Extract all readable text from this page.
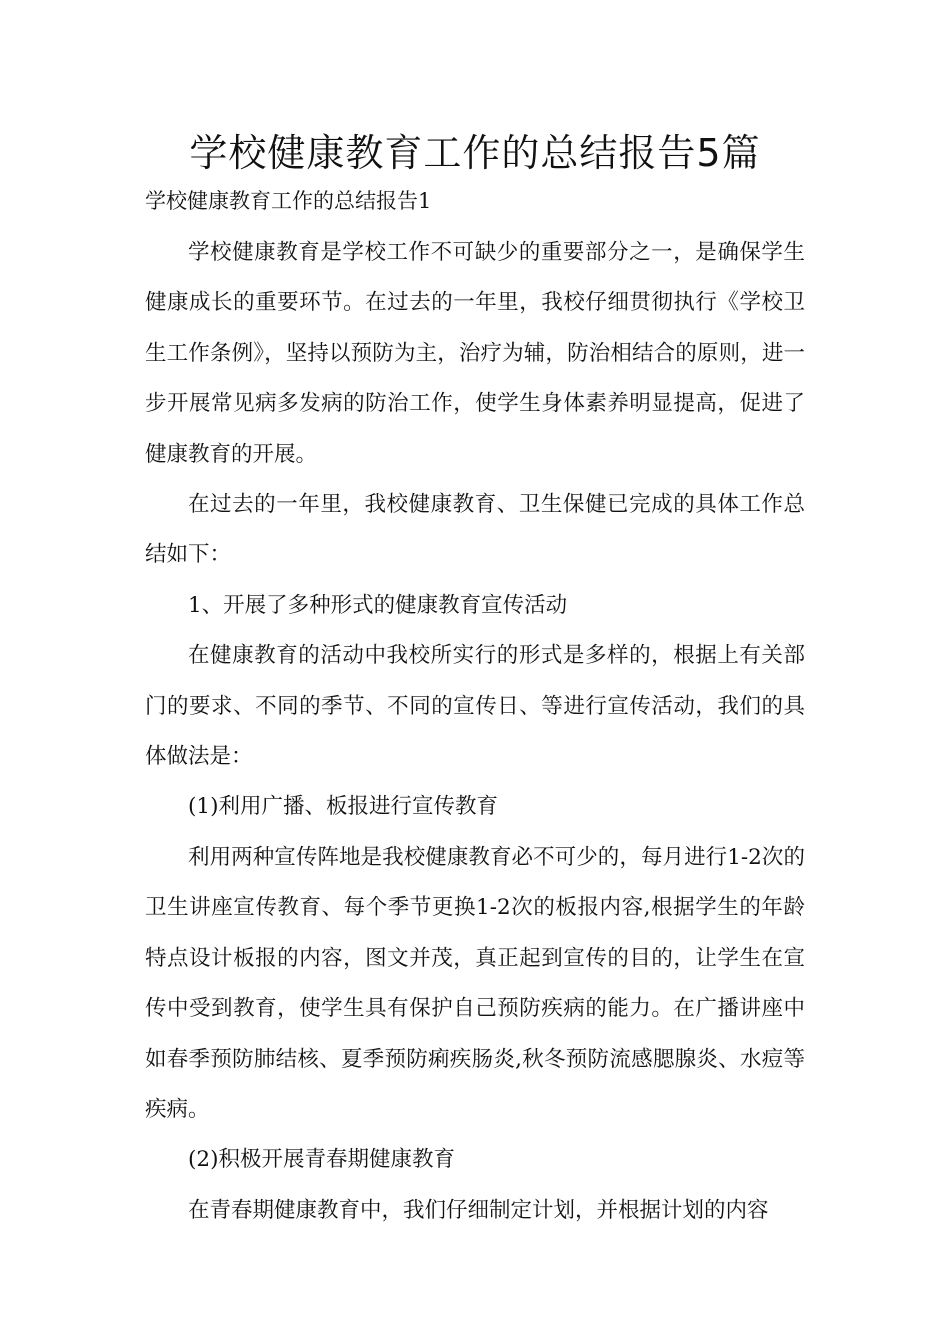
学校健康教育工作的总结报告5篇

学校健康教育工作的总结报告1

学校健康教育是学校工作不可缺少的重要部分之一，是确保学生健康成长的重要环节。在过去的一年里，我校仔细贯彻执行《学校卫生工作条例》，坚持以预防为主，治疗为辅，防治相结合的原则，进一步开展常见病多发病的防治工作，使学生身体素养明显提高，促进了健康教育的开展。

在过去的一年里，我校健康教育、卫生保健已完成的具体工作总结如下：

1、开展了多种形式的健康教育宣传活动

在健康教育的活动中我校所实行的形式是多样的，根据上有关部门的要求、不同的季节、不同的宣传日、等进行宣传活动，我们的具体做法是：

(1)利用广播、板报进行宣传教育

利用两种宣传阵地是我校健康教育必不可少的，每月进行1-2次的卫生讲座宣传教育、每个季节更换1-2次的板报内容,根据学生的年龄特点设计板报的内容，图文并茂，真正起到宣传的目的，让学生在宣传中受到教育，使学生具有保护自己预防疾病的能力。在广播讲座中如春季预防肺结核、夏季预防痢疾肠炎,秋冬预防流感腮腺炎、水痘等疾病。

(2)积极开展青春期健康教育

在青春期健康教育中，我们仔细制定计划，并根据计划的内容
